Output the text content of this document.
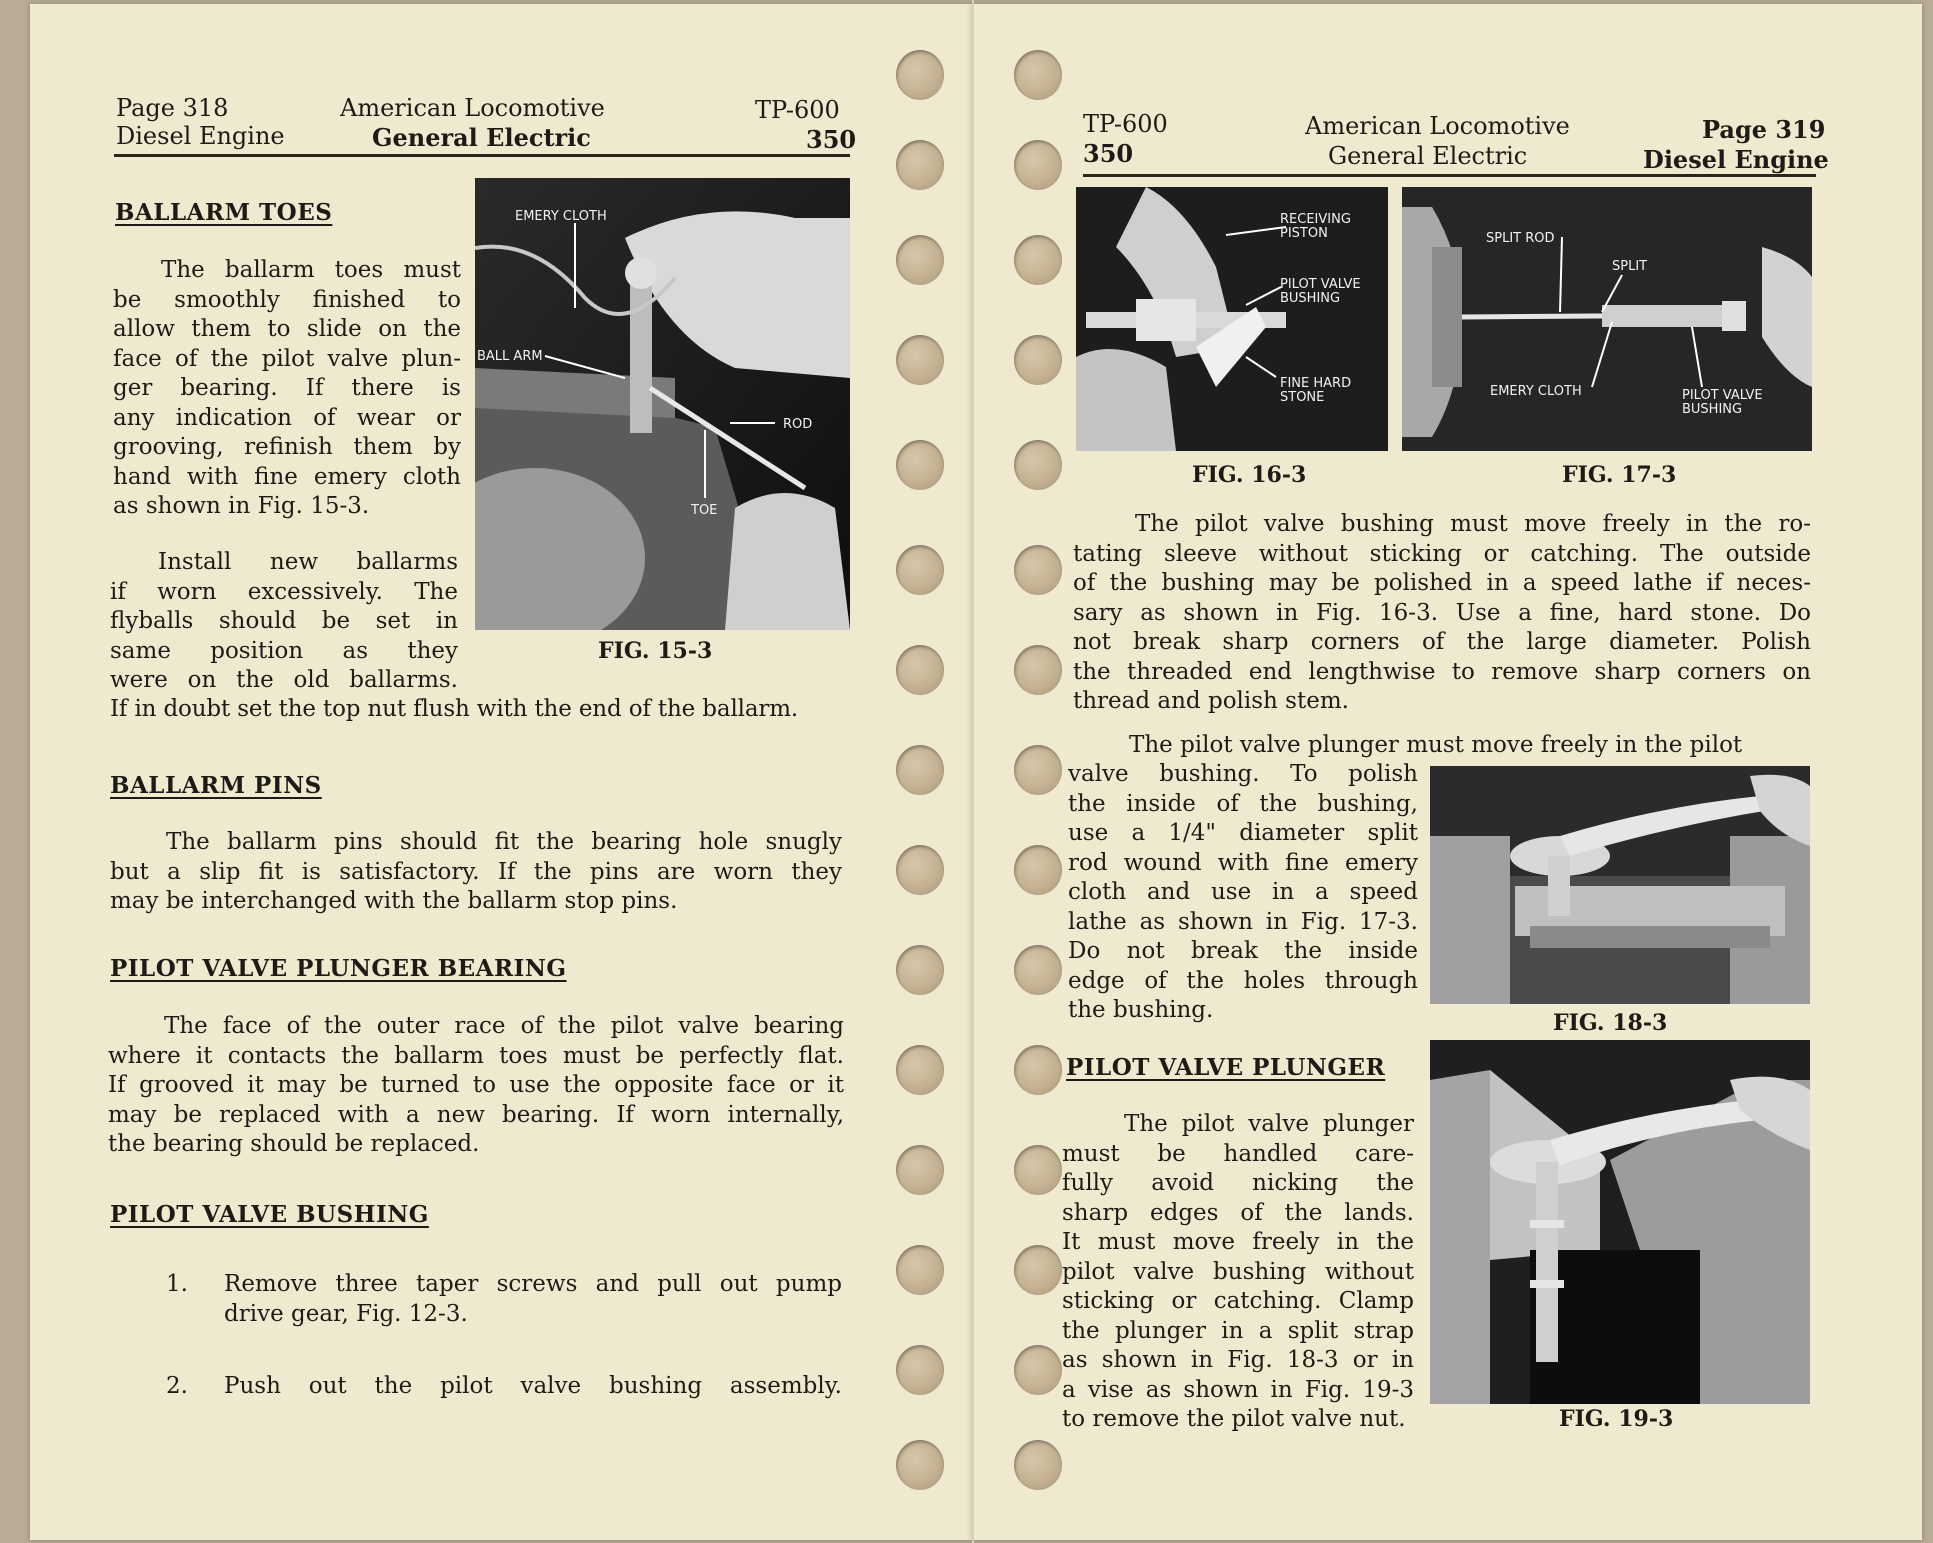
Page 318
Diesel Engine
American Locomotive
General Electric
TP-600
350
BALLARM TOES
The ballarm toes must
be smoothly finished to
allow them to slide on the
face of the pilot valve plun-
ger bearing. If there is
any indication of wear or
grooving, refinish them by
hand with fine emery cloth
as shown in Fig. 15-3.
Install new ballarms
if worn excessively. The
flyballs should be set in
same position as they
were on the old ballarms.
If in doubt set the top nut flush with the end of the ballarm.
EMERY CLOTH
BALL ARM
ROD
TOE
FIG. 15-3
BALLARM PINS
The ballarm pins should fit the bearing hole snugly
but a slip fit is satisfactory. If the pins are worn they
may be interchanged with the ballarm stop pins.
PILOT VALVE PLUNGER BEARING
The face of the outer race of the pilot valve bearing
where it contacts the ballarm toes must be perfectly flat.
If grooved it may be turned to use the opposite face or it
may be replaced with a new bearing. If worn internally,
the bearing should be replaced.
PILOT VALVE BUSHING
1. Remove three taper screws and pull out pump
drive gear, Fig. 12-3.
2. Push out the pilot valve bushing assembly.
TP-600
350
American Locomotive
General Electric
Page 319
Diesel Engine
RECEIVING
PISTON
PILOT VALVE
BUSHING
FINE HARD
STONE
FIG. 16-3
SPLIT ROD
SPLIT
EMERY CLOTH	PILOT VALVE
BUSHING
FIG. 17-3
The pilot valve bushing must move freely in the ro-
tating sleeve without sticking or catching. The outside
of the bushing may be polished in a speed lathe if neces-
sary as shown in Fig. 16-3. Use a fine, hard stone. Do
not break sharp corners of the large diameter. Polish
the threaded end lengthwise to remove sharp corners on
thread and polish stem.
The pilot valve plunger must move freely in the pilot
valve bushing. To polish
the inside of the bushing,
use a 1/4" diameter split
rod wound with fine emery
cloth and use in a speed
lathe as shown in Fig. 17-3.
Do not break the inside
edge of the holes through
the bushing.	FIG. 18-3
PILOT VALVE PLUNGER
The pilot valve plunger
must be handled care-
fully avoid nicking the
sharp edges of the lands.
It must move freely in the
pilot valve bushing without
sticking or catching. Clamp
the plunger in a split strap
as shown in Fig. 18-3 or in
a vise as shown in Fig. 19-3
to remove the pilot valve nut.	FIG. 19-3
